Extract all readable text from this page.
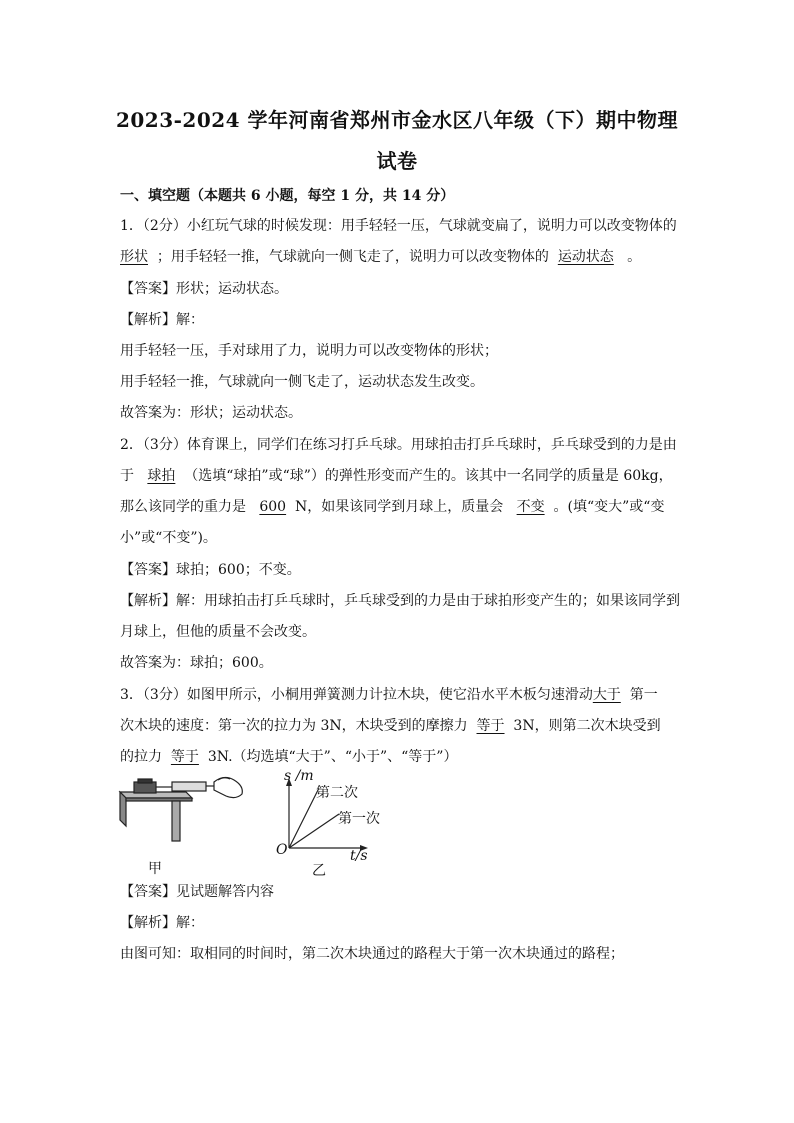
2023-2024 学年河南省郑州市金水区八年级（下）期中物理
试卷
一、填空题（本题共 6 小题，每空 1 分，共 14 分）
1．（2分）小红玩气球的时候发现：用手轻轻一压，气球就变扁了，说明力可以改变物体的
形状 ；用手轻轻一推，气球就向一侧飞走了，说明力可以改变物体的 运动状态 。
【答案】形状；运动状态。
【解析】解：
用手轻轻一压，手对球用了力，说明力可以改变物体的形状；
用手轻轻一推，气球就向一侧飞走了，运动状态发生改变。
故答案为：形状；运动状态。
2．（3分）体育课上，同学们在练习打乒乓球。用球拍击打乒乓球时，乒乓球受到的力是由
于 球拍 （选填“球拍”或“球”）的弹性形变而产生的。该其中一名同学的质量是 60kg，
那么该同学的重力是 600 N，如果该同学到月球上，质量会 不变 。(填“变大”或“变
小”或“不变”)。
【答案】球拍；600；不变。
【解析】解：用球拍击打乒乓球时，乒乓球受到的力是由于球拍形变产生的；如果该同学到
月球上，但他的质量不会改变。
故答案为：球拍；600。
3．（3分）如图甲所示，小桐用弹簧测力计拉木块，使它沿水平木板匀速滑动大于 第一
次木块的速度：第一次的拉力为 3N，木块受到的摩擦力 等于 3N，则第二次木块受到
的拉力 等于 3N.（均选填“大于”、“小于”、“等于”）
甲	乙
s /m
t/s
O
第二次
第一次
【答案】见试题解答内容
【解析】解：
由图可知：取相同的时间时，第二次木块通过的路程大于第一次木块通过的路程；
